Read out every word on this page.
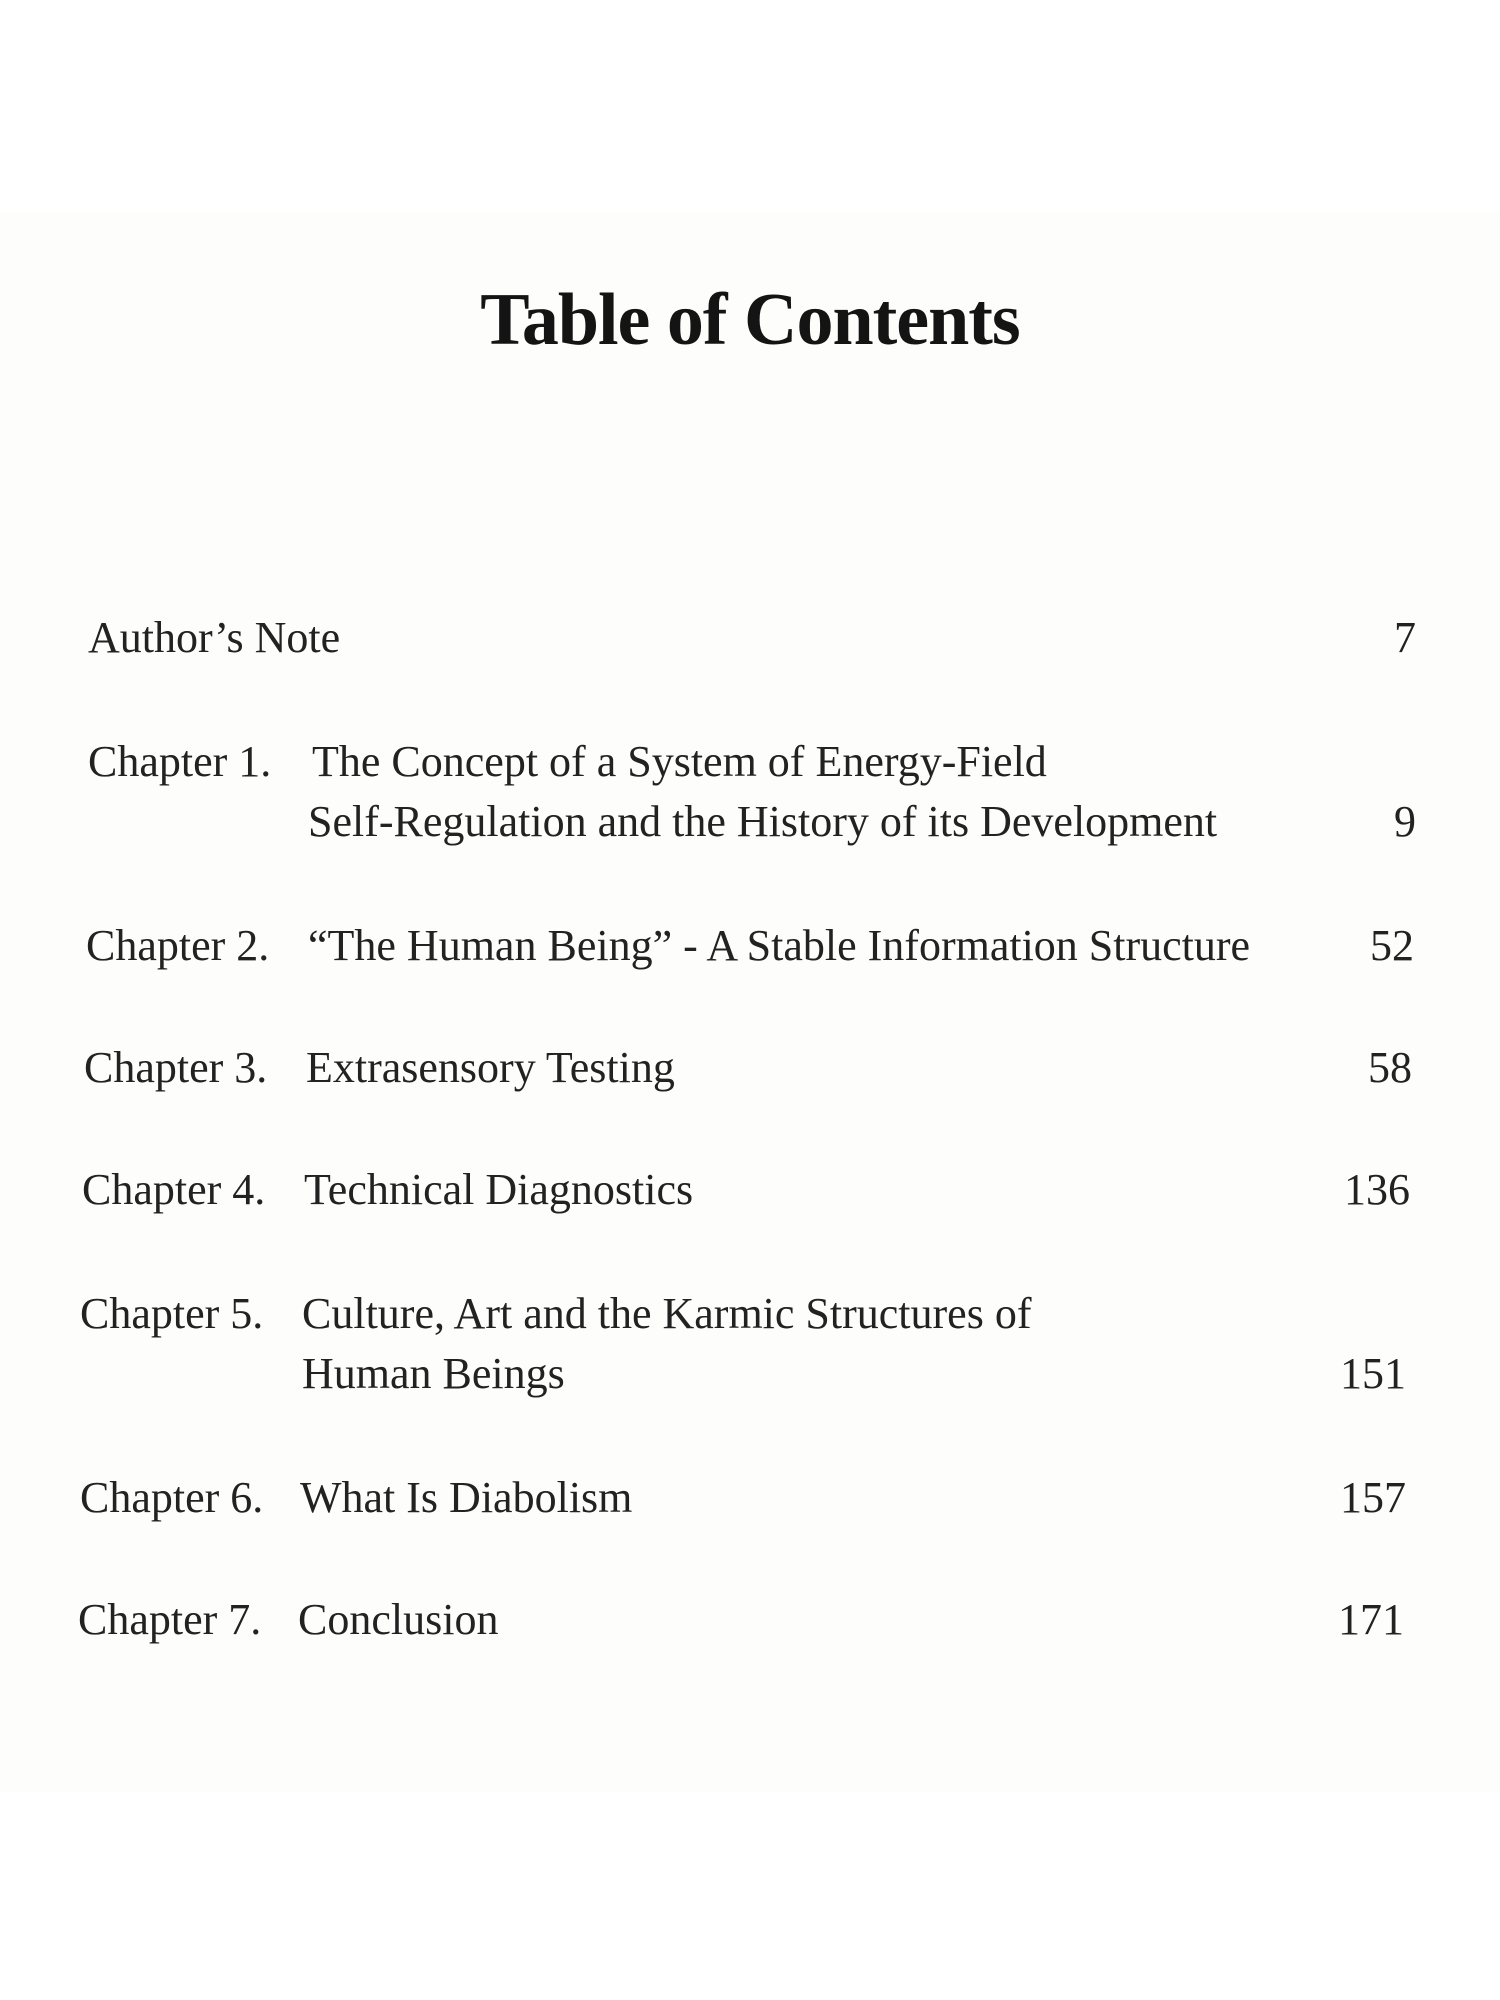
Table of Contents
Author’s Note	7
Chapter 1. The Concept of a System of Energy-Field
Self-Regulation and the History of its Development	9
Chapter 2. “The Human Being” - A Stable Information Structure	52
Chapter 3. Extrasensory Testing	58
Chapter 4. Technical Diagnostics	136
Chapter 5. Culture, Art and the Karmic Structures of
Human Beings	151
Chapter 6. What Is Diabolism	157
Chapter 7. Conclusion	171
